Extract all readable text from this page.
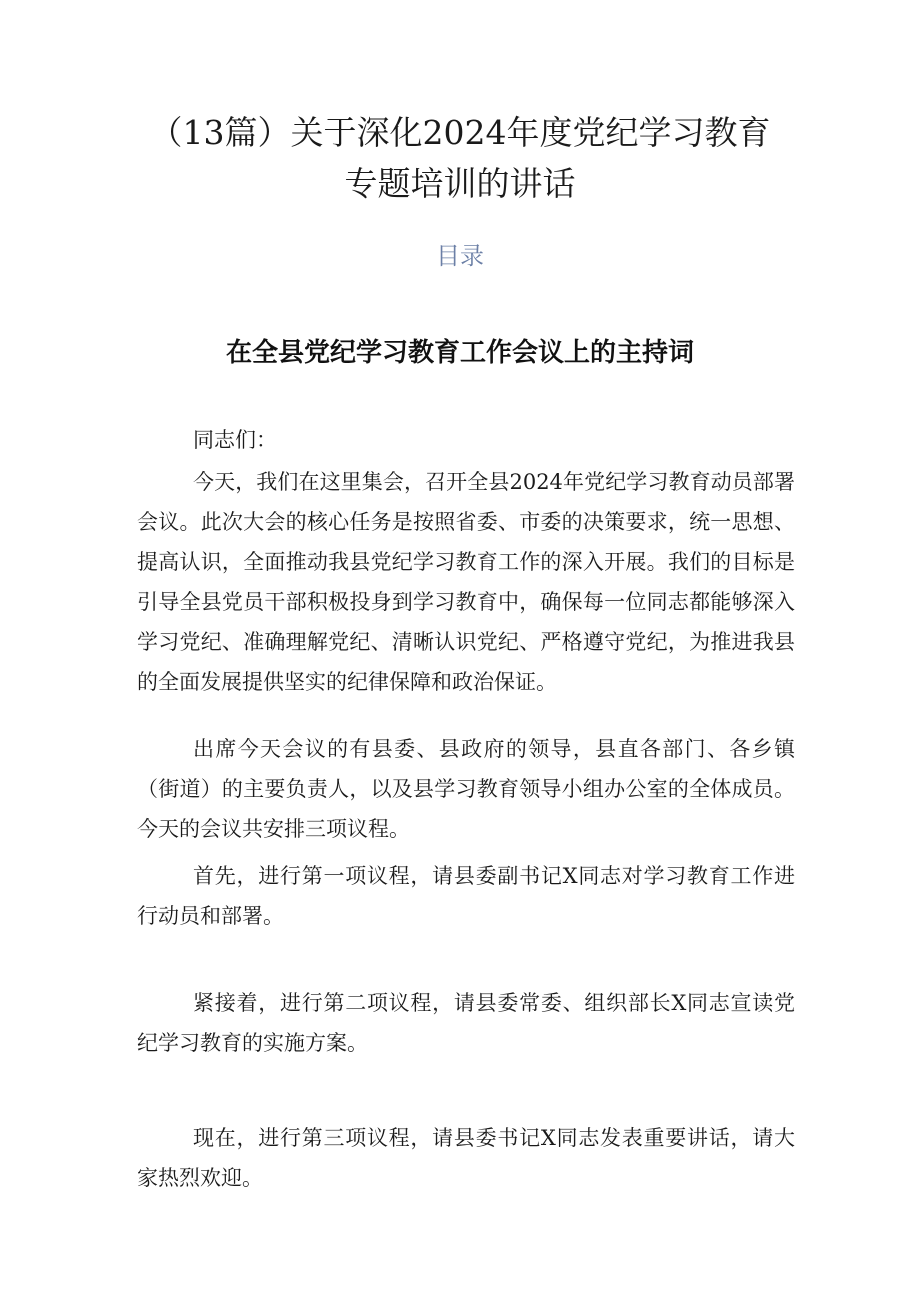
（13篇）关于深化2024年度党纪学习教育
专题培训的讲话
目录
在全县党纪学习教育工作会议上的主持词

同志们：

今天，我们在这里集会，召开全县2024年党纪学习教育动员部署会议。此次大会的核心任务是按照省委、市委的决策要求，统一思想、提高认识，全面推动我县党纪学习教育工作的深入开展。我们的目标是引导全县党员干部积极投身到学习教育中，确保每一位同志都能够深入学习党纪、准确理解党纪、清晰认识党纪、严格遵守党纪，为推进我县的全面发展提供坚实的纪律保障和政治保证。

出席今天会议的有县委、县政府的领导，县直各部门、各乡镇（街道）的主要负责人，以及县学习教育领导小组办公室的全体成员。今天的会议共安排三项议程。

首先，进行第一项议程，请县委副书记X同志对学习教育工作进行动员和部署。

紧接着，进行第二项议程，请县委常委、组织部长X同志宣读党纪学习教育的实施方案。

现在，进行第三项议程，请县委书记X同志发表重要讲话，请大家热烈欢迎。
